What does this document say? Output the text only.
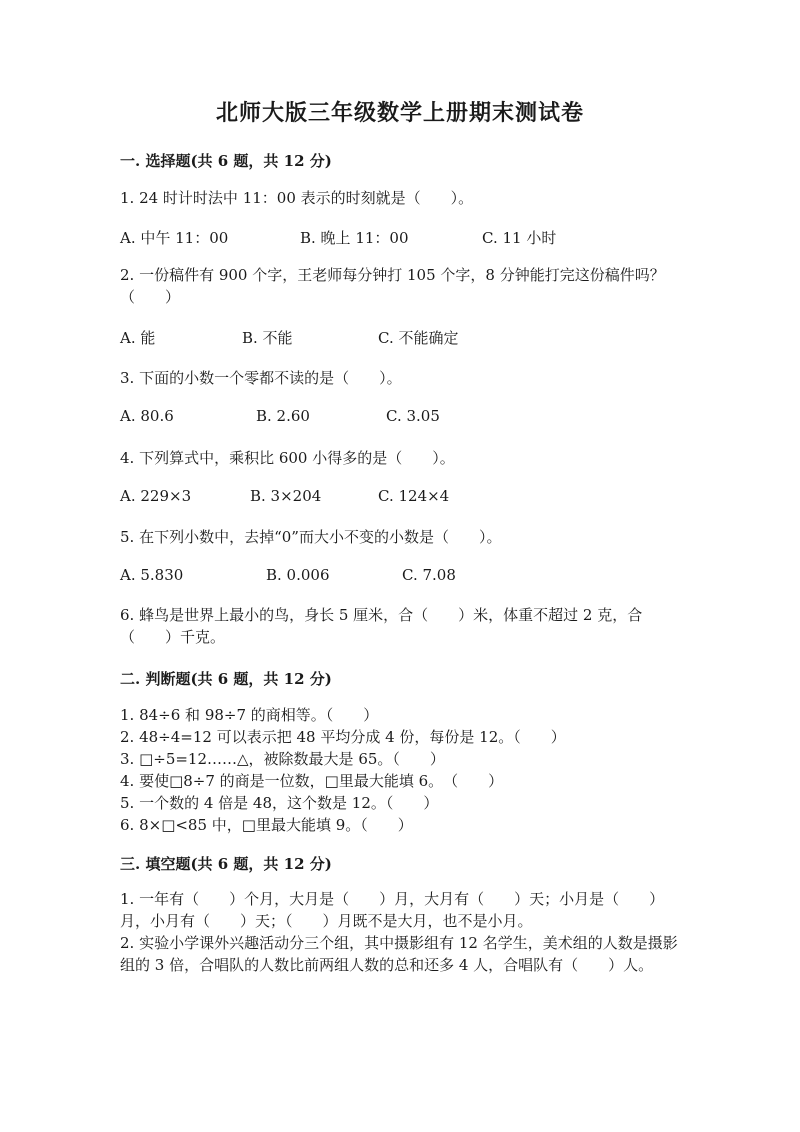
北师大版三年级数学上册期末测试卷
一. 选择题(共 6 题，共 12 分)
1. 24 时计时法中 11：00 表示的时刻就是（　　）。
A. 中午 11：00	B. 晚上 11：00	C. 11 小时
2. 一份稿件有 900 个字，王老师每分钟打 105 个字，8 分钟能打完这份稿件吗？（　　）
A. 能	B. 不能	C. 不能确定
3. 下面的小数一个零都不读的是（　　）。
A. 80.6	B. 2.60	C. 3.05
4. 下列算式中，乘积比 600 小得多的是（　　）。
A. 229×3	B. 3×204	C. 124×4
5. 在下列小数中，去掉“0”而大小不变的小数是（　　）。
A. 5.830	B. 0.006	C. 7.08
6. 蜂鸟是世界上最小的鸟，身长 5 厘米，合（　　）米，体重不超过 2 克，合（　　）千克。
二. 判断题(共 6 题，共 12 分)
1. 84÷6 和 98÷7 的商相等。（　　）
2. 48÷4=12 可以表示把 48 平均分成 4 份，每份是 12。（　　）
3. □÷5=12……△，被除数最大是 65。（　　）
4. 要使□8÷7 的商是一位数，□里最大能填 6。　（　　）
5. 一个数的 4 倍是 48，这个数是 12。（　　）
6. 8×□<85 中，□里最大能填 9。（　　）
三. 填空题(共 6 题，共 12 分)
1. 一年有（　　）个月，大月是（　　）月，大月有（　　）天；小月是（　　）月，小月有（　　）天；（　　）月既不是大月，也不是小月。
2. 实验小学课外兴趣活动分三个组，其中摄影组有 12 名学生，美术组的人数是摄影组的 3 倍，合唱队的人数比前两组人数的总和还多 4 人，合唱队有（　　）人。
